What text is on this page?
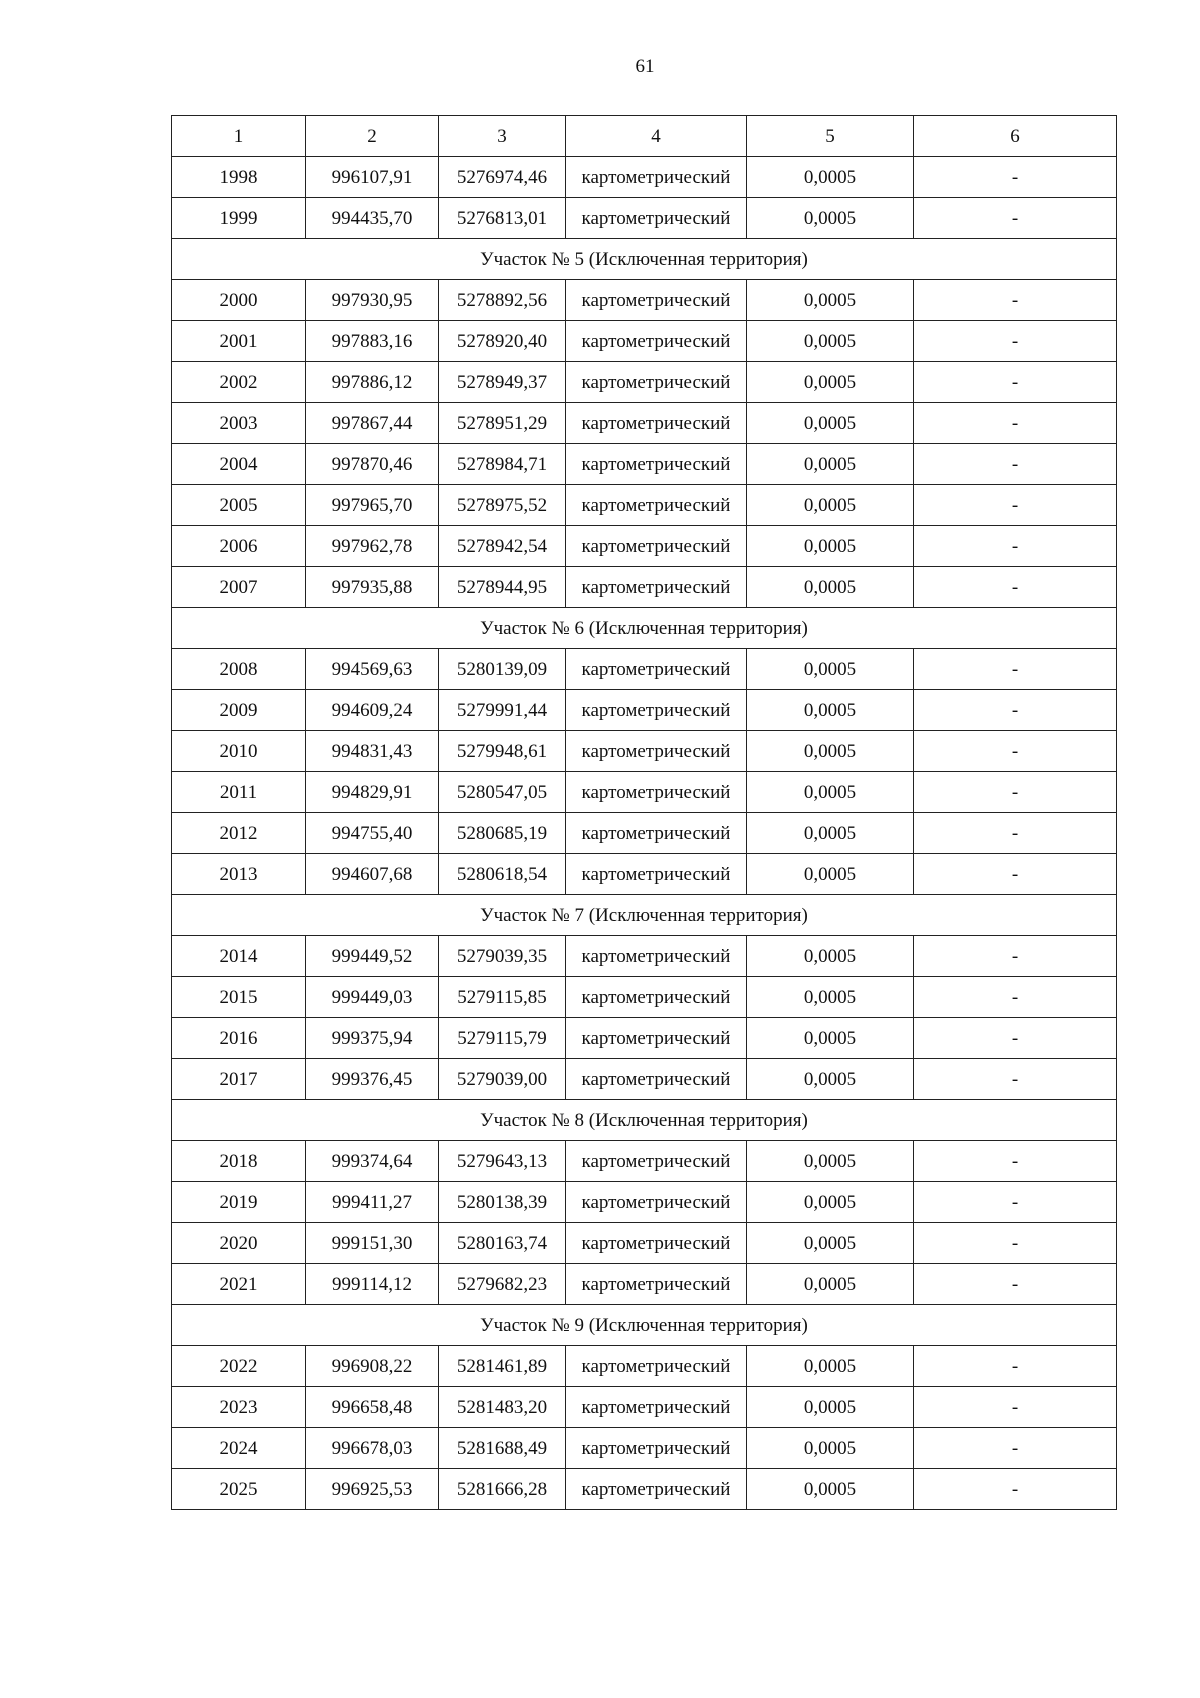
61
1	2	3	4	5	6
1998	996107,91	5276974,46	картометрический	0,0005	-
1999	994435,70	5276813,01	картометрический	0,0005	-
Участок № 5 (Исключенная территория)					
2000	997930,95	5278892,56	картометрический	0,0005	-
2001	997883,16	5278920,40	картометрический	0,0005	-
2002	997886,12	5278949,37	картометрический	0,0005	-
2003	997867,44	5278951,29	картометрический	0,0005	-
2004	997870,46	5278984,71	картометрический	0,0005	-
2005	997965,70	5278975,52	картометрический	0,0005	-
2006	997962,78	5278942,54	картометрический	0,0005	-
2007	997935,88	5278944,95	картометрический	0,0005	-
Участок № 6 (Исключенная территория)					
2008	994569,63	5280139,09	картометрический	0,0005	-
2009	994609,24	5279991,44	картометрический	0,0005	-
2010	994831,43	5279948,61	картометрический	0,0005	-
2011	994829,91	5280547,05	картометрический	0,0005	-
2012	994755,40	5280685,19	картометрический	0,0005	-
2013	994607,68	5280618,54	картометрический	0,0005	-
Участок № 7 (Исключенная территория)					
2014	999449,52	5279039,35	картометрический	0,0005	-
2015	999449,03	5279115,85	картометрический	0,0005	-
2016	999375,94	5279115,79	картометрический	0,0005	-
2017	999376,45	5279039,00	картометрический	0,0005	-
Участок № 8 (Исключенная территория)					
2018	999374,64	5279643,13	картометрический	0,0005	-
2019	999411,27	5280138,39	картометрический	0,0005	-
2020	999151,30	5280163,74	картометрический	0,0005	-
2021	999114,12	5279682,23	картометрический	0,0005	-
Участок № 9 (Исключенная территория)					
2022	996908,22	5281461,89	картометрический	0,0005	-
2023	996658,48	5281483,20	картометрический	0,0005	-
2024	996678,03	5281688,49	картометрический	0,0005	-
2025	996925,53	5281666,28	картометрический	0,0005	-
